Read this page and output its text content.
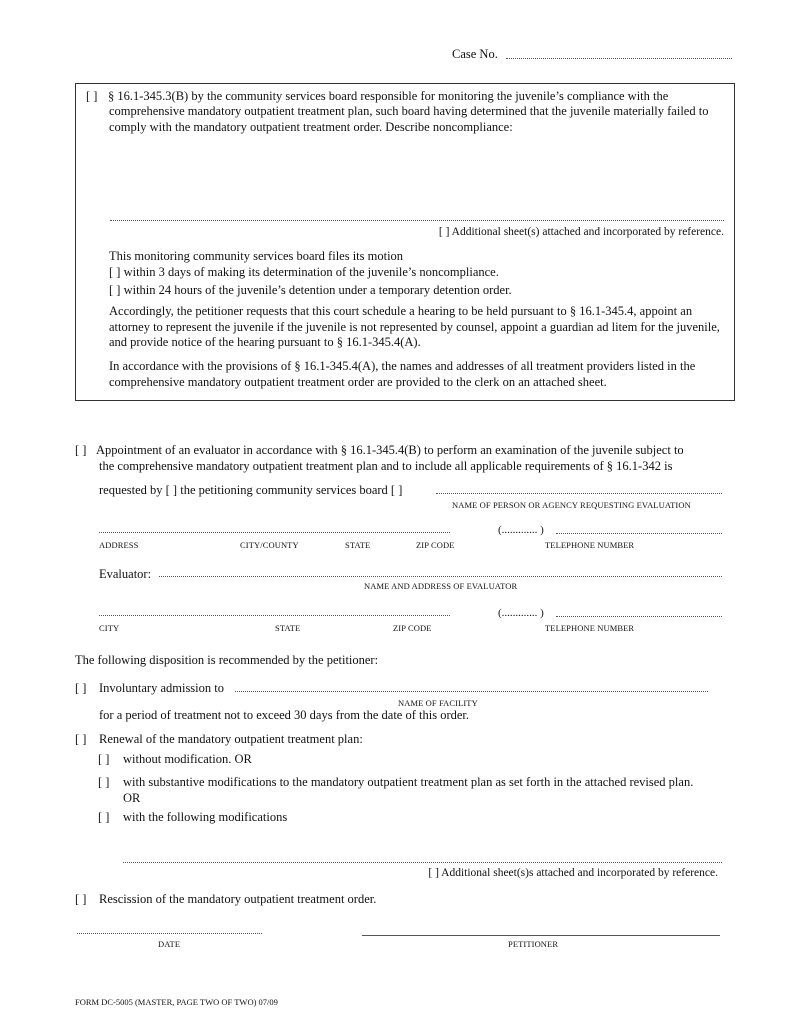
Case No.
[ ] § 16.1-345.3(B) by the community services board responsible for monitoring the juvenile’s compliance with the
comprehensive mandatory outpatient treatment plan, such board having determined that the juvenile materially failed to comply with the mandatory outpatient treatment order. Describe noncompliance:
[ ] Additional sheet(s) attached and incorporated by reference.
This monitoring community services board files its motion
[ ] within 3 days of making its determination of the juvenile’s noncompliance.
[ ] within 24 hours of the juvenile’s detention under a temporary detention order.
Accordingly, the petitioner requests that this court schedule a hearing to be held pursuant to § 16.1-345.4, appoint an attorney to represent the juvenile if the juvenile is not represented by counsel, appoint a guardian ad litem for the juvenile, and provide notice of the hearing pursuant to § 16.1-345.4(A).
In accordance with the provisions of § 16.1-345.4(A), the names and addresses of all treatment providers listed in the comprehensive mandatory outpatient treatment order are provided to the clerk on an attached sheet.
[ ] Appointment of an evaluator in accordance with § 16.1-345.4(B) to perform an examination of the juvenile subject to
the comprehensive mandatory outpatient treatment plan and to include all applicable requirements of § 16.1-342 is
requested by [ ] the petitioning community services board [ ]
NAME OF PERSON OR AGENCY REQUESTING EVALUATION
ADDRESS	CITY/COUNTY	STATE	ZIP CODE
(............. )
TELEPHONE NUMBER
Evaluator:
NAME AND ADDRESS OF EVALUATOR
CITY	STATE	ZIP CODE
(............. )
TELEPHONE NUMBER
The following disposition is recommended by the petitioner:
[ ] Involuntary admission to
NAME OF FACILITY
for a period of treatment not to exceed 30 days from the date of this order.
[ ] Renewal of the mandatory outpatient treatment plan:
[ ] without modification. OR
[ ] with substantive modifications to the mandatory outpatient treatment plan as set forth in the attached revised plan.
OR
[ ] with the following modifications
[ ] Additional sheet(s)s attached and incorporated by reference.
[ ] Rescission of the mandatory outpatient treatment order.
DATE	PETITIONER
FORM DC-5005 (MASTER, PAGE TWO OF TWO) 07/09
